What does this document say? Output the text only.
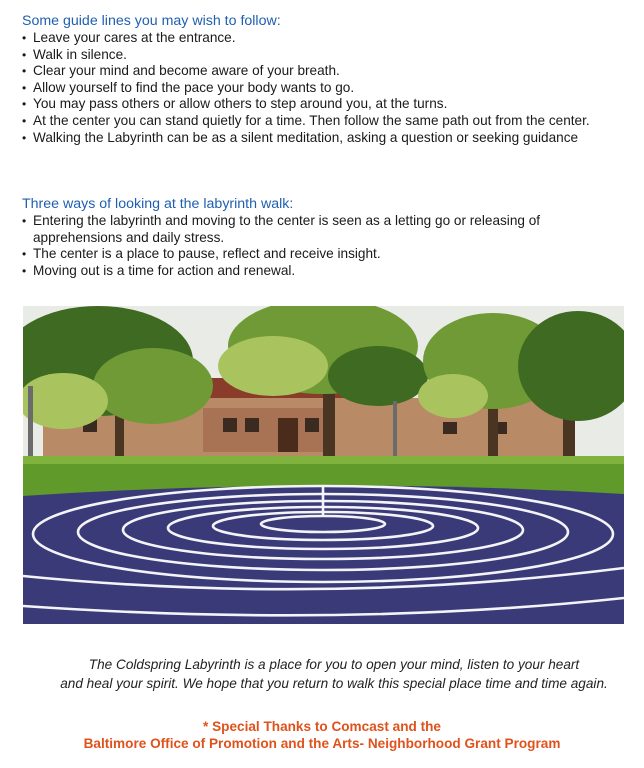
Some guide lines you may wish to follow:

• Leave your cares at the entrance.
• Walk in silence.
• Clear your mind and become aware of your breath.
• Allow yourself to find the pace your body wants to go.
• You may pass others or allow others to step around you, at the turns.
• At the center you can stand quietly for a time. Then follow the same path out from the center.
• Walking the Labyrinth can be as a silent meditation, asking a question or seeking guidance

Three ways of looking at the labyrinth walk:

• Entering the labyrinth and moving to the center is seen as a letting go or releasing of apprehensions and daily stress.
• The center is a place to pause, reflect and receive insight.
• Moving out is a time for action and renewal.
The Coldspring Labyrinth is a place for you to open your mind, listen to your heart
and heal your spirit. We hope that you return to walk this special place time and time again.

* Special Thanks to Comcast and the

Baltimore Office of Promotion and the Arts- Neighborhood Grant Program
